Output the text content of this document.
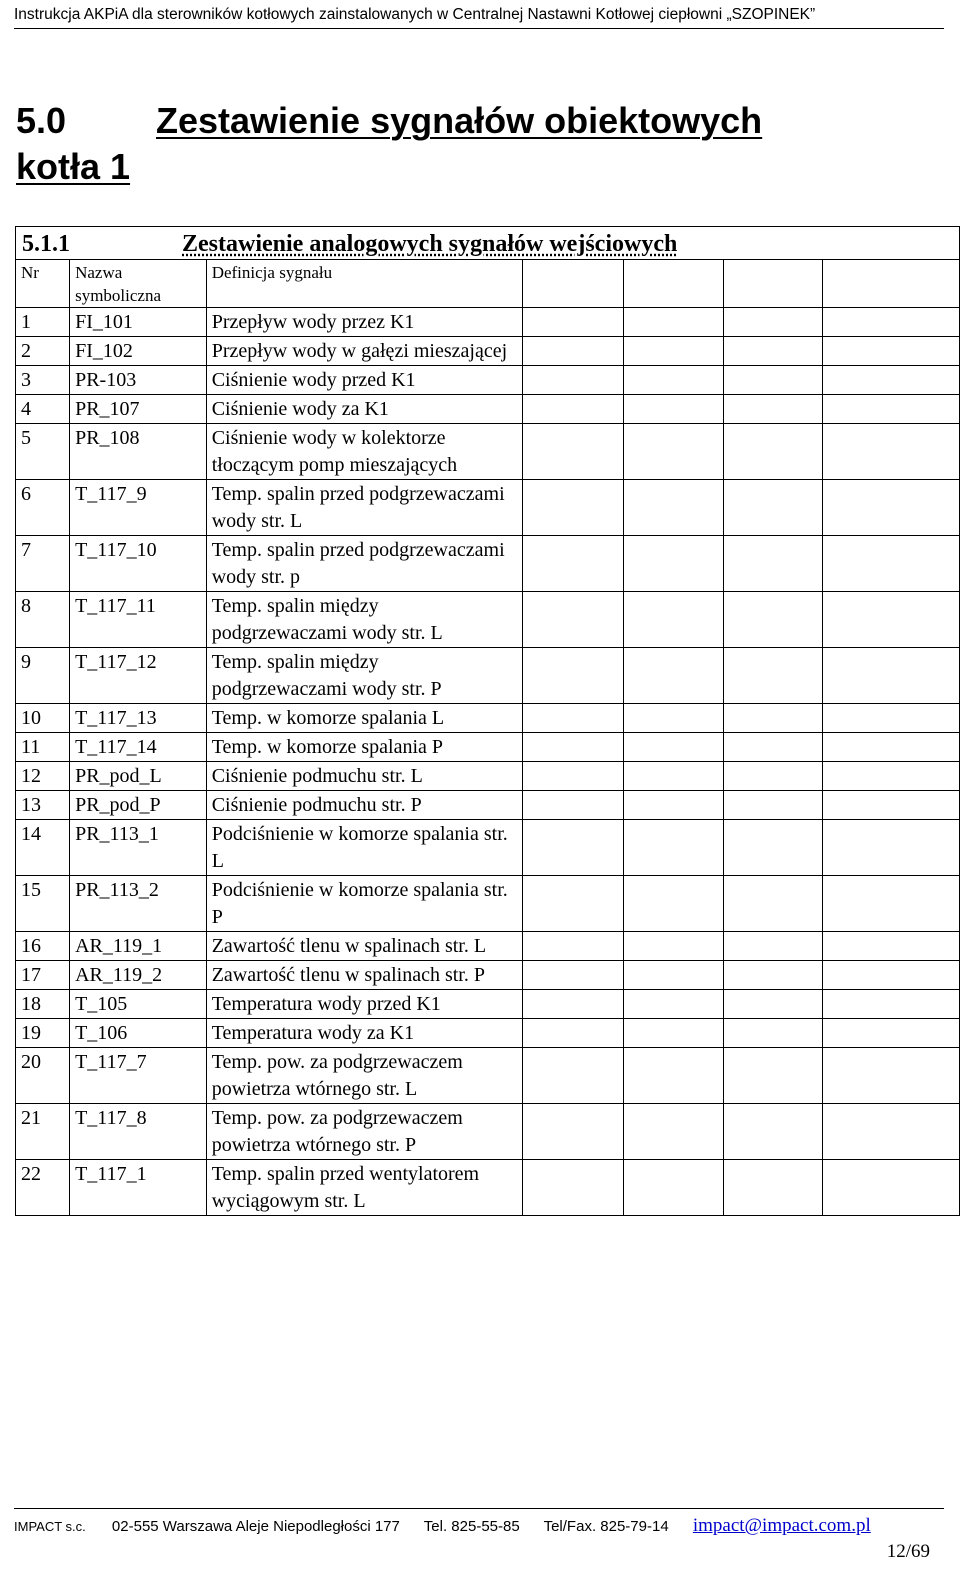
Instrukcja AKPiA dla sterowników kotłowych zainstalowanych w Centralnej Nastawni Kotłowej ciepłowni „SZOPINEK”
5.0 Zestawienie sygnałów obiektowych
kotła 1
5.1.1 Zestawienie analogowych sygnałów wejściowych						
Nr	Nazwa symboliczna	Definicja sygnału				
1	FI_101	Przepływ wody przez K1				
2	FI_102	Przepływ wody w gałęzi mieszającej				
3	PR-103	Ciśnienie wody przed K1				
4	PR_107	Ciśnienie wody za K1				
5	PR_108	Ciśnienie wody w kolektorze tłoczącym pomp mieszających				
6	T_117_9	Temp. spalin przed podgrzewaczami wody str. L				
7	T_117_10	Temp. spalin przed podgrzewaczami wody str. p				
8	T_117_11	Temp. spalin między podgrzewaczami wody str. L				
9	T_117_12	Temp. spalin między podgrzewaczami wody str. P				
10	T_117_13	Temp. w komorze spalania L				
11	T_117_14	Temp. w komorze spalania P				
12	PR_pod_L	Ciśnienie podmuchu str. L				
13	PR_pod_P	Ciśnienie podmuchu str. P				
14	PR_113_1	Podciśnienie w komorze spalania str. L				
15	PR_113_2	Podciśnienie w komorze spalania str. P				
16	AR_119_1	Zawartość tlenu w spalinach str. L				
17	AR_119_2	Zawartość tlenu w spalinach str. P				
18	T_105	Temperatura wody przed K1				
19	T_106	Temperatura wody za K1				
20	T_117_7	Temp. pow. za podgrzewaczem powietrza wtórnego str. L				
21	T_117_8	Temp. pow. za podgrzewaczem powietrza wtórnego str. P				
22	T_117_1	Temp. spalin przed wentylatorem wyciągowym str. L				
IMPACT s.c. 02-555 Warszawa Aleje Niepodległości 177 Tel. 825-55-85 Tel/Fax. 825-79-14 impact@impact.com.pl
12/69
